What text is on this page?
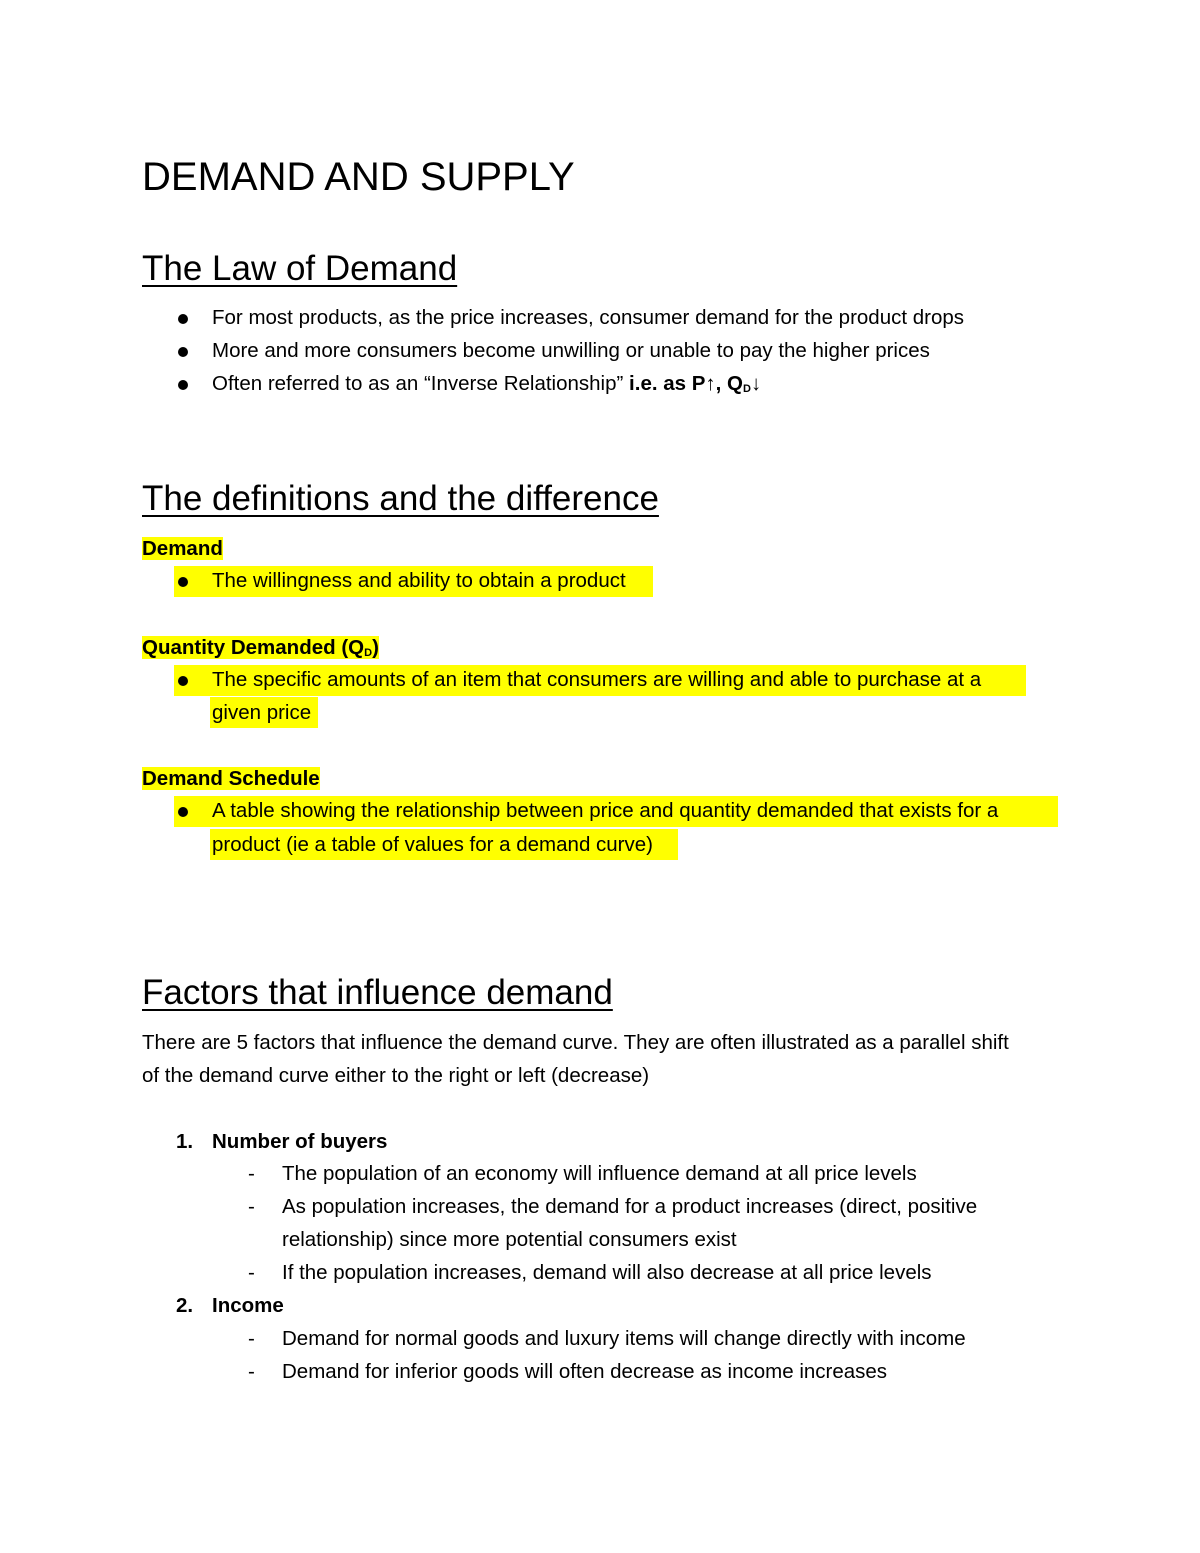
DEMAND AND SUPPLY
The Law of Demand
For most products, as the price increases, consumer demand for the product drops
More and more consumers become unwilling or unable to pay the higher prices
Often referred to as an “Inverse Relationship” i.e. as P↑, $Q_D↓$
The definitions and the difference
Demand
The willingness and ability to obtain a product
Quantity Demanded $(Q_D)$
The specific amounts of an item that consumers are willing and able to purchase at a
given price
Demand Schedule
A table showing the relationship between price and quantity demanded that exists for a
product (ie a table of values for a demand curve)
Factors that influence demand
There are 5 factors that influence the demand curve. They are often illustrated as a parallel shift
of the demand curve either to the right or left (decrease)
1. Number of buyers
- The population of an economy will influence demand at all price levels
- As population increases, the demand for a product increases (direct, positive
relationship) since more potential consumers exist
- If the population increases, demand will also decrease at all price levels
2. Income
- Demand for normal goods and luxury items will change directly with income
- Demand for inferior goods will often decrease as income increases
